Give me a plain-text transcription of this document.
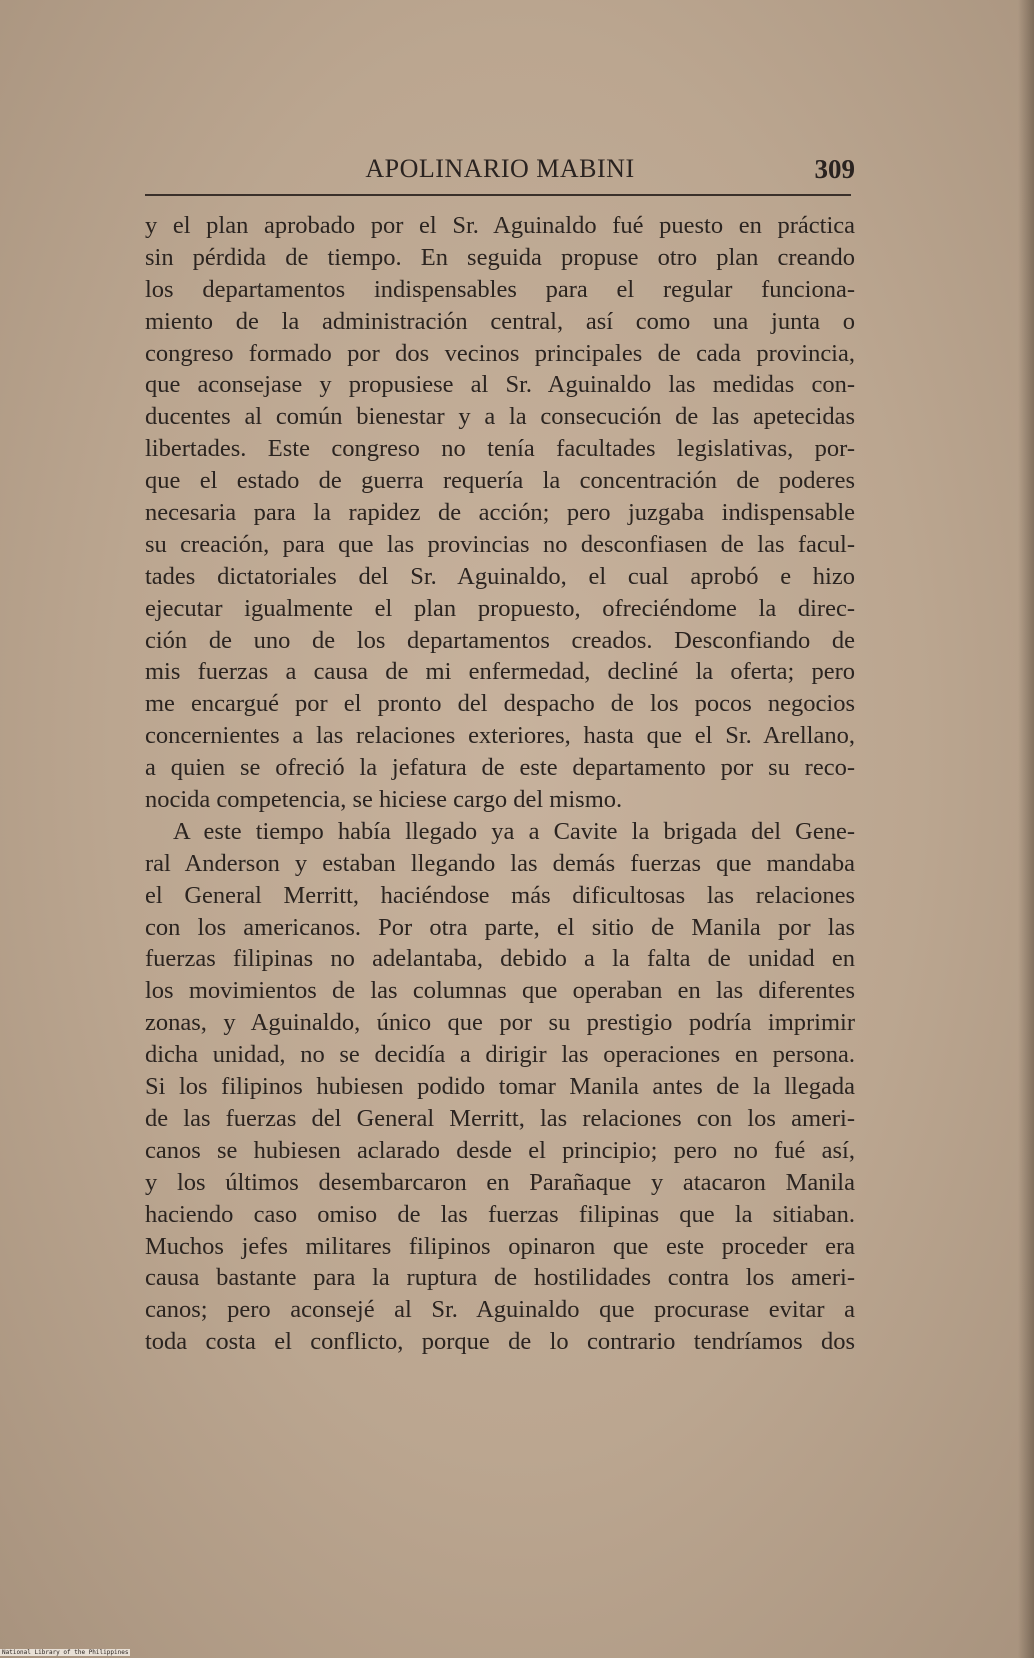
APOLINARIO MABINI	309
y el plan aprobado por el Sr. Aguinaldo fué puesto en práctica
sin pérdida de tiempo. En seguida propuse otro plan creando
los departamentos indispensables para el regular funciona-
miento de la administración central, así como una junta o
congreso formado por dos vecinos principales de cada provincia,
que aconsejase y propusiese al Sr. Aguinaldo las medidas con-
ducentes al común bienestar y a la consecución de las apetecidas
libertades. Este congreso no tenía facultades legislativas, por-
que el estado de guerra requería la concentración de poderes
necesaria para la rapidez de acción; pero juzgaba indispensable
su creación, para que las provincias no desconfiasen de las facul-
tades dictatoriales del Sr. Aguinaldo, el cual aprobó e hizo
ejecutar igualmente el plan propuesto, ofreciéndome la direc-
ción de uno de los departamentos creados. Desconfiando de
mis fuerzas a causa de mi enfermedad, decliné la oferta; pero
me encargué por el pronto del despacho de los pocos negocios
concernientes a las relaciones exteriores, hasta que el Sr. Arellano,
a quien se ofreció la jefatura de este departamento por su reco-
nocida competencia, se hiciese cargo del mismo.
A este tiempo había llegado ya a Cavite la brigada del Gene-
ral Anderson y estaban llegando las demás fuerzas que mandaba
el General Merritt, haciéndose más dificultosas las relaciones
con los americanos. Por otra parte, el sitio de Manila por las
fuerzas filipinas no adelantaba, debido a la falta de unidad en
los movimientos de las columnas que operaban en las diferentes
zonas, y Aguinaldo, único que por su prestigio podría imprimir
dicha unidad, no se decidía a dirigir las operaciones en persona.
Si los filipinos hubiesen podido tomar Manila antes de la llegada
de las fuerzas del General Merritt, las relaciones con los ameri-
canos se hubiesen aclarado desde el principio; pero no fué así,
y los últimos desembarcaron en Parañaque y atacaron Manila
haciendo caso omiso de las fuerzas filipinas que la sitiaban.
Muchos jefes militares filipinos opinaron que este proceder era
causa bastante para la ruptura de hostilidades contra los ameri-
canos; pero aconsejé al Sr. Aguinaldo que procurase evitar a
toda costa el conflicto, porque de lo contrario tendríamos dos
National Library of the Philippines
